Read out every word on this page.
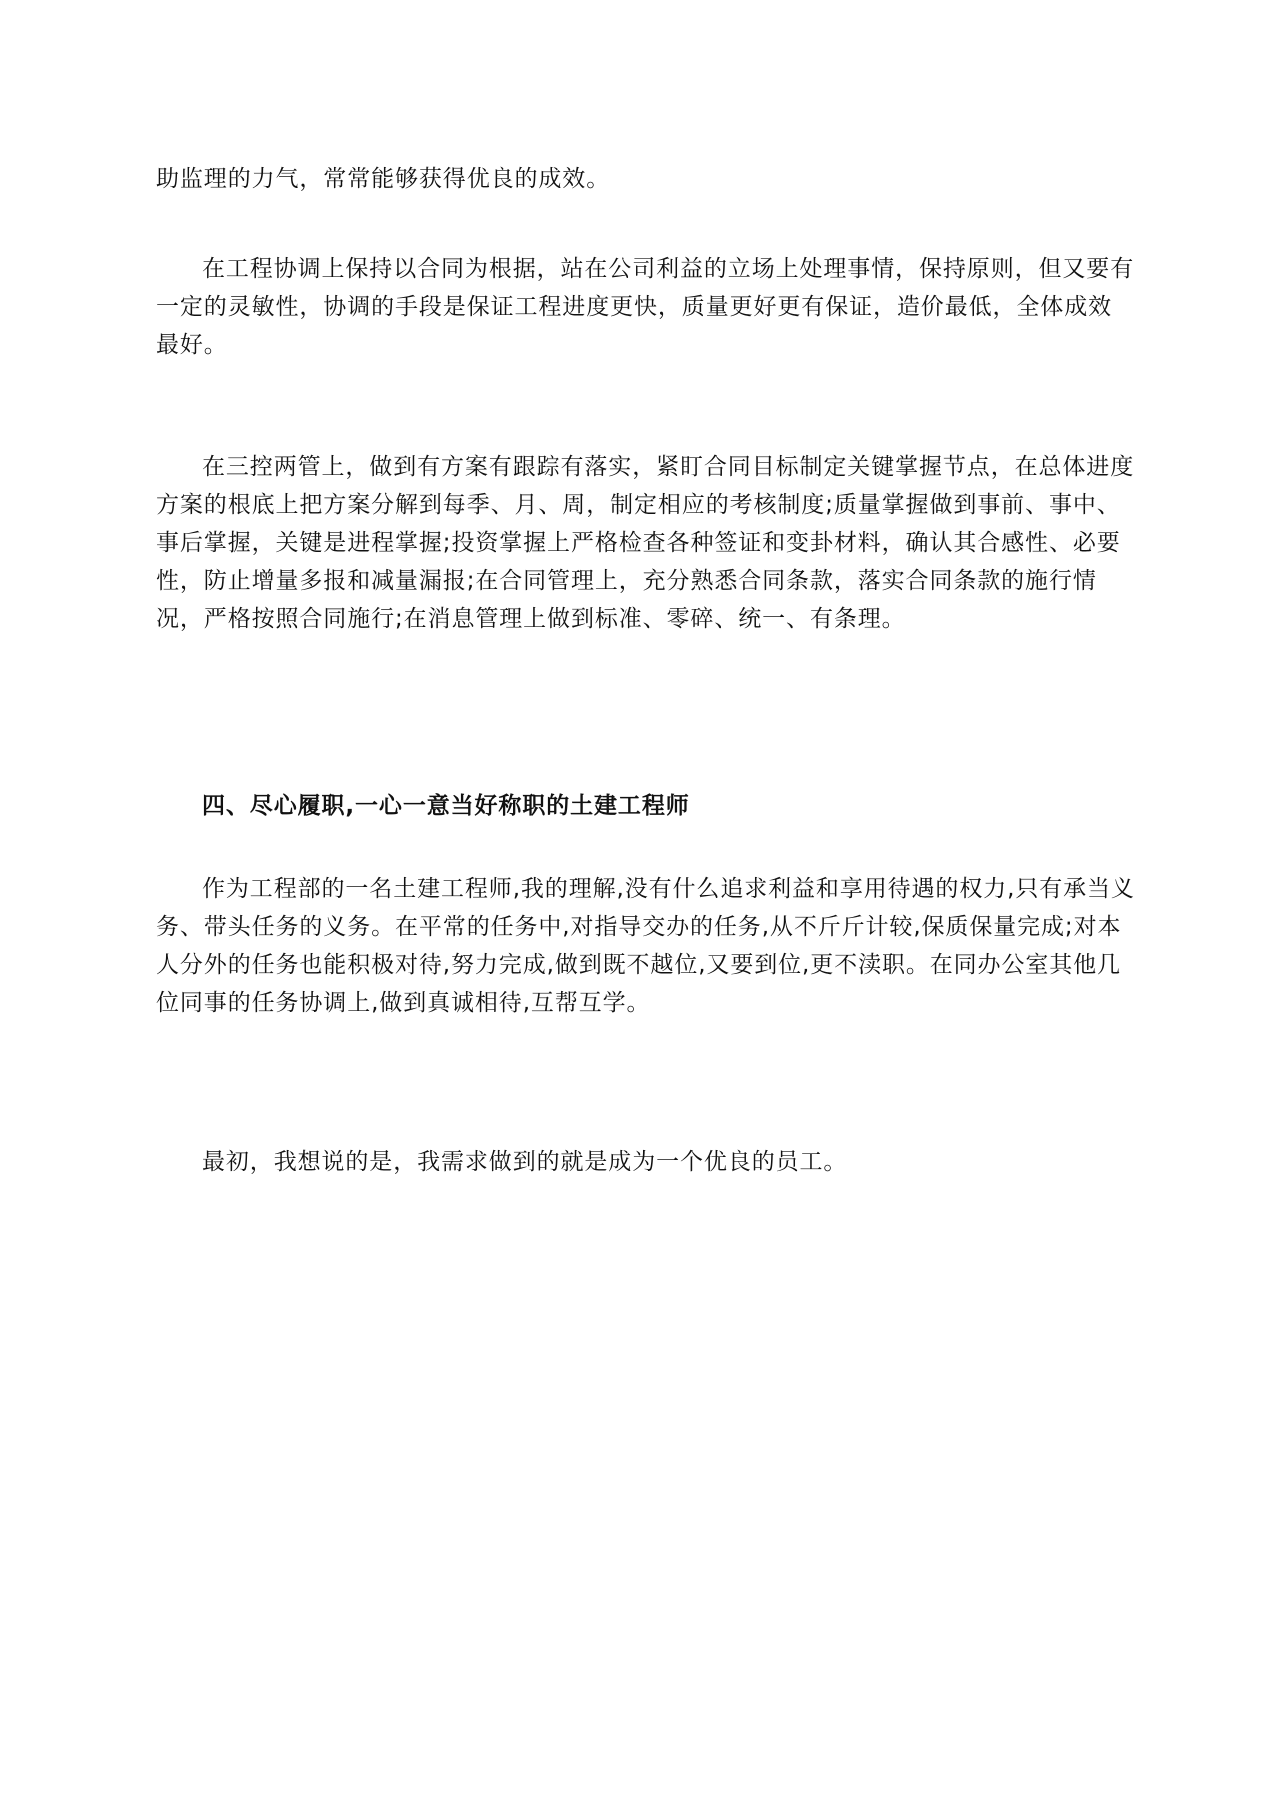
助监理的力气，常常能够获得优良的成效。

在工程协调上保持以合同为根据，站在公司利益的立场上处理事情，保持原则，但又要有一定的灵敏性，协调的手段是保证工程进度更快，质量更好更有保证，造价最低，全体成效最好。

在三控两管上，做到有方案有跟踪有落实，紧盯合同目标制定关键掌握节点，在总体进度方案的根底上把方案分解到每季、月、周，制定相应的考核制度;质量掌握做到事前、事中、事后掌握，关键是进程掌握;投资掌握上严格检查各种签证和变卦材料，确认其合感性、必要性，防止增量多报和减量漏报;在合同管理上，充分熟悉合同条款，落实合同条款的施行情况，严格按照合同施行;在消息管理上做到标准、零碎、统一、有条理。

四、尽心履职,一心一意当好称职的土建工程师

作为工程部的一名土建工程师,我的理解,没有什么追求利益和享用待遇的权力,只有承当义务、带头任务的义务。在平常的任务中,对指导交办的任务,从不斤斤计较,保质保量完成;对本人分外的任务也能积极对待,努力完成,做到既不越位,又要到位,更不渎职。在同办公室其他几位同事的任务协调上,做到真诚相待,互帮互学。

最初，我想说的是，我需求做到的就是成为一个优良的员工。
